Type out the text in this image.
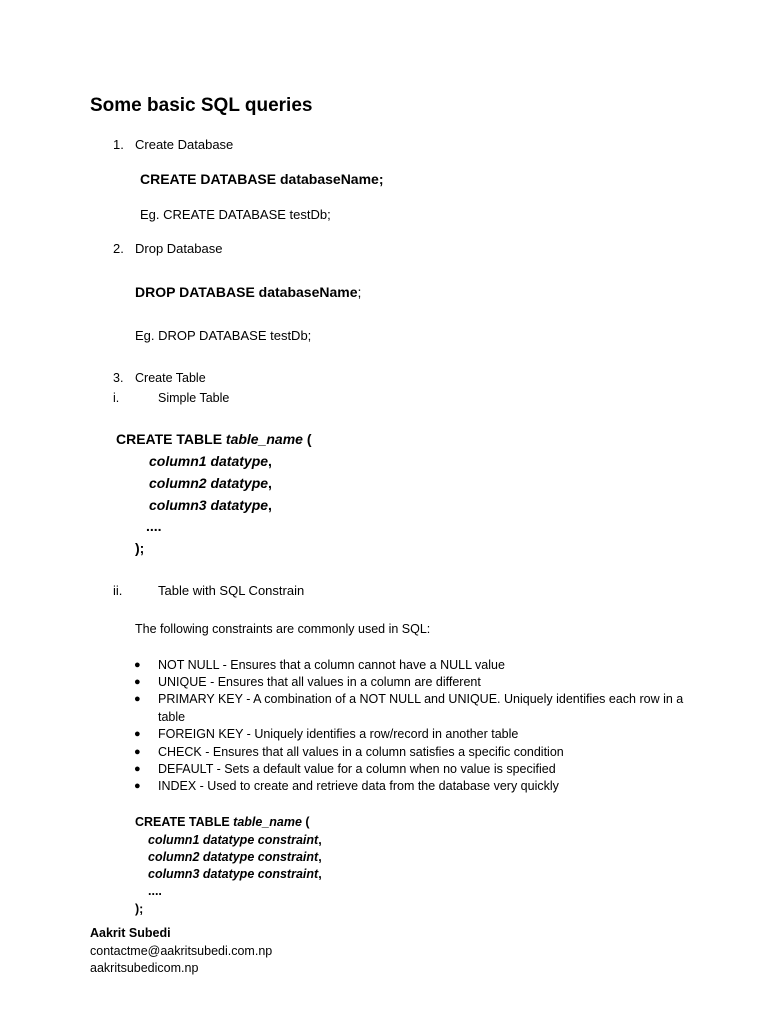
Some basic SQL queries
1. Create Database
CREATE DATABASE databaseName;
Eg. CREATE DATABASE testDb;
2. Drop Database
DROP DATABASE databaseName;
Eg. DROP DATABASE testDb;
3. Create Table
i.	Simple Table
CREATE TABLE table_name (
column1 datatype,
column2 datatype,
column3 datatype,
....
);
ii.	Table with SQL Constrain
The following constraints are commonly used in SQL:
● NOT NULL - Ensures that a column cannot have a NULL value
● UNIQUE - Ensures that all values in a column are different
● PRIMARY KEY - A combination of a NOT NULL and UNIQUE. Uniquely identifies each row in a
table
● FOREIGN KEY - Uniquely identifies a row/record in another table
● CHECK - Ensures that all values in a column satisfies a specific condition
● DEFAULT - Sets a default value for a column when no value is specified
● INDEX - Used to create and retrieve data from the database very quickly
CREATE TABLE table_name (
column1 datatype constraint,
column2 datatype constraint,
column3 datatype constraint,
....
);
Aakrit Subedi
contactme@aakritsubedi.com.np
aakritsubedicom.np
